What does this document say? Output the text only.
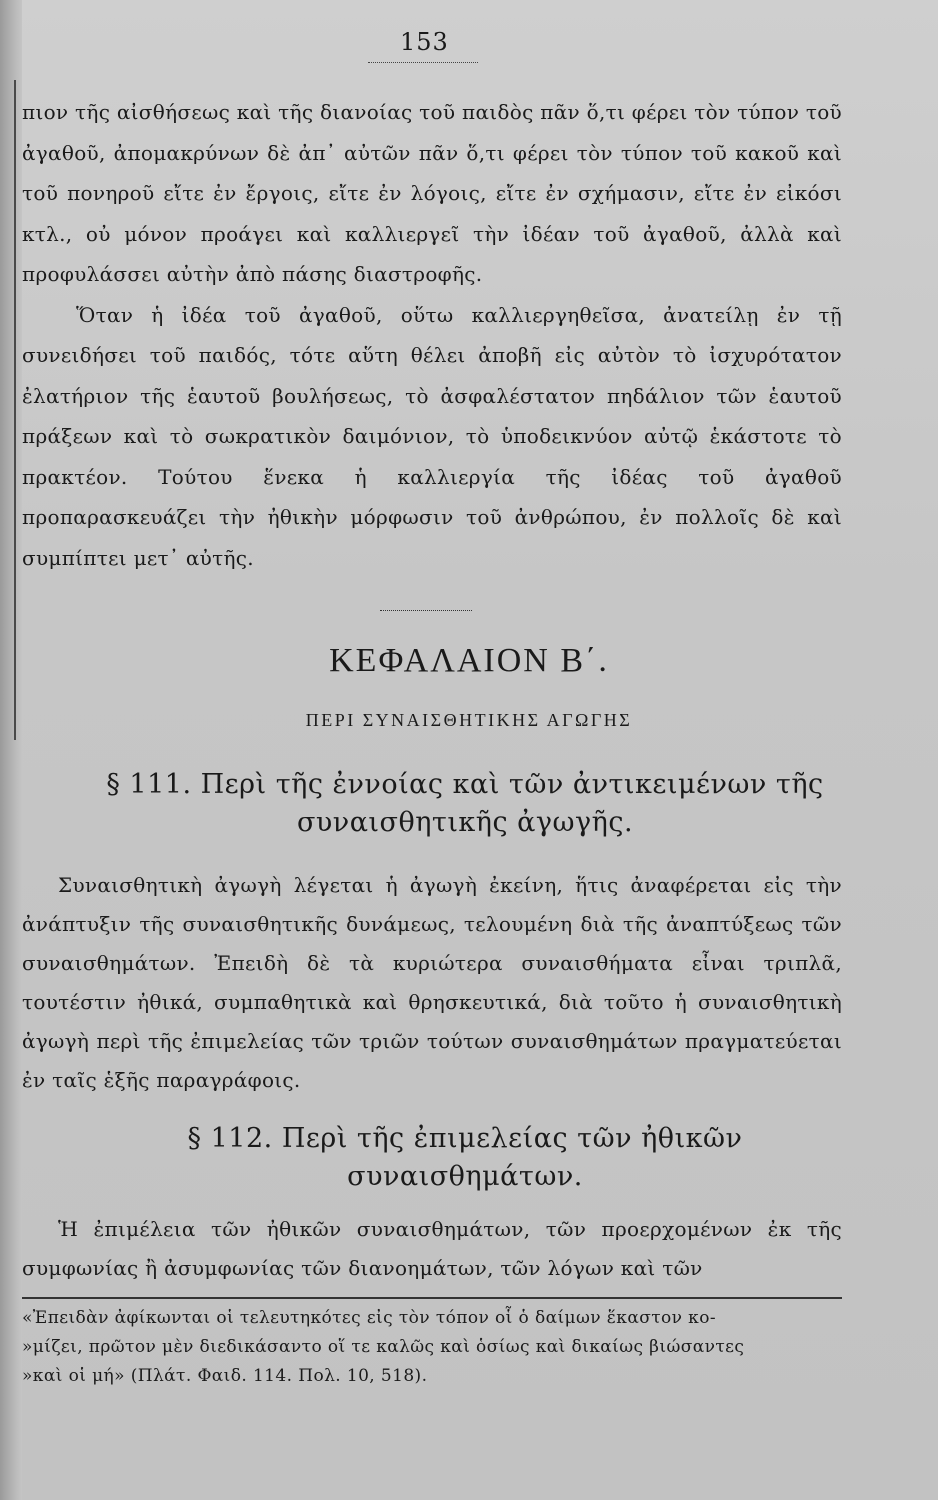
153

πιον τῆς αἰσθήσεως καὶ τῆς διανοίας τοῦ παιδὸς πᾶν ὅ,τι φέρει τὸν τύπον τοῦ ἀγαθοῦ, ἀπομακρύνων δὲ ἀπ᾽ αὐτῶν πᾶν ὅ,τι φέρει τὸν τύπον τοῦ κακοῦ καὶ τοῦ πονηροῦ εἴτε ἐν ἔργοις, εἴτε ἐν λόγοις, εἴτε ἐν σχήμασιν, εἴτε ἐν εἰκόσι κτλ., οὐ μόνον προάγει καὶ καλλιεργεῖ τὴν ἰδέαν τοῦ ἀγαθοῦ, ἀλλὰ καὶ προφυλάσσει αὐτὴν ἀπὸ πάσης διαστροφῆς.

Ὅταν ἡ ἰδέα τοῦ ἀγαθοῦ, οὕτω καλλιεργηθεῖσα, ἀνατείλῃ ἐν τῇ συνειδήσει τοῦ παιδός, τότε αὕτη θέλει ἀποβῆ εἰς αὐτὸν τὸ ἰσχυρότατον ἐλατήριον τῆς ἑαυτοῦ βουλήσεως, τὸ ἀσφαλέστατον πηδάλιον τῶν ἑαυτοῦ πράξεων καὶ τὸ σωκρατικὸν δαιμόνιον, τὸ ὑποδεικνύον αὐτῷ ἑκάστοτε τὸ πρακτέον. Τούτου ἕνεκα ἡ καλλιεργία τῆς ἰδέας τοῦ ἀγαθοῦ προπαρασκευάζει τὴν ἠθικὴν μόρφωσιν τοῦ ἀνθρώπου, ἐν πολλοῖς δὲ καὶ συμπίπτει μετ᾽ αὐτῆς.

ΚΕΦΑΛΑΙΟΝ Β΄.
ΠΕΡΙ ΣΥΝΑΙΣΘΗΤΙΚΗΣ ΑΓΩΓΗΣ
§ 111. Περὶ τῆς ἐννοίας καὶ τῶν ἀντικειμένων τῆς
συναισθητικῆς ἀγωγῆς.
Συναισθητικὴ ἀγωγὴ λέγεται ἡ ἀγωγὴ ἐκείνη, ἥτις ἀναφέρεται εἰς τὴν ἀνάπτυξιν τῆς συναισθητικῆς δυνάμεως, τελουμένη διὰ τῆς ἀναπτύξεως τῶν συναισθημάτων. Ἐπειδὴ δὲ τὰ κυριώτερα συναισθήματα εἶναι τριπλᾶ, τουτέστιν ἠθικά, συμπαθητικὰ καὶ θρησκευτικά, διὰ τοῦτο ἡ συναισθητικὴ ἀγωγὴ περὶ τῆς ἐπιμελείας τῶν τριῶν τούτων συναισθημάτων πραγματεύεται ἐν ταῖς ἑξῆς παραγράφοις.
§ 112. Περὶ τῆς ἐπιμελείας τῶν ἠθικῶν
συναισθημάτων.
Ἡ ἐπιμέλεια τῶν ἠθικῶν συναισθημάτων, τῶν προερχομένων ἐκ τῆς συμφωνίας ἢ ἀσυμφωνίας τῶν διανοημάτων, τῶν λόγων καὶ τῶν

«Ἐπειδὰν ἀφίκωνται οἱ τελευτηκότες εἰς τὸν τόπον οἷ ὁ δαίμων ἕκαστον κο-

»μίζει, πρῶτον μὲν διεδικάσαντο οἵ τε καλῶς καὶ ὁσίως καὶ δικαίως βιώσαντες

»καὶ οἱ μή» (Πλάτ. Φαιδ. 114. Πολ. 10, 518).
